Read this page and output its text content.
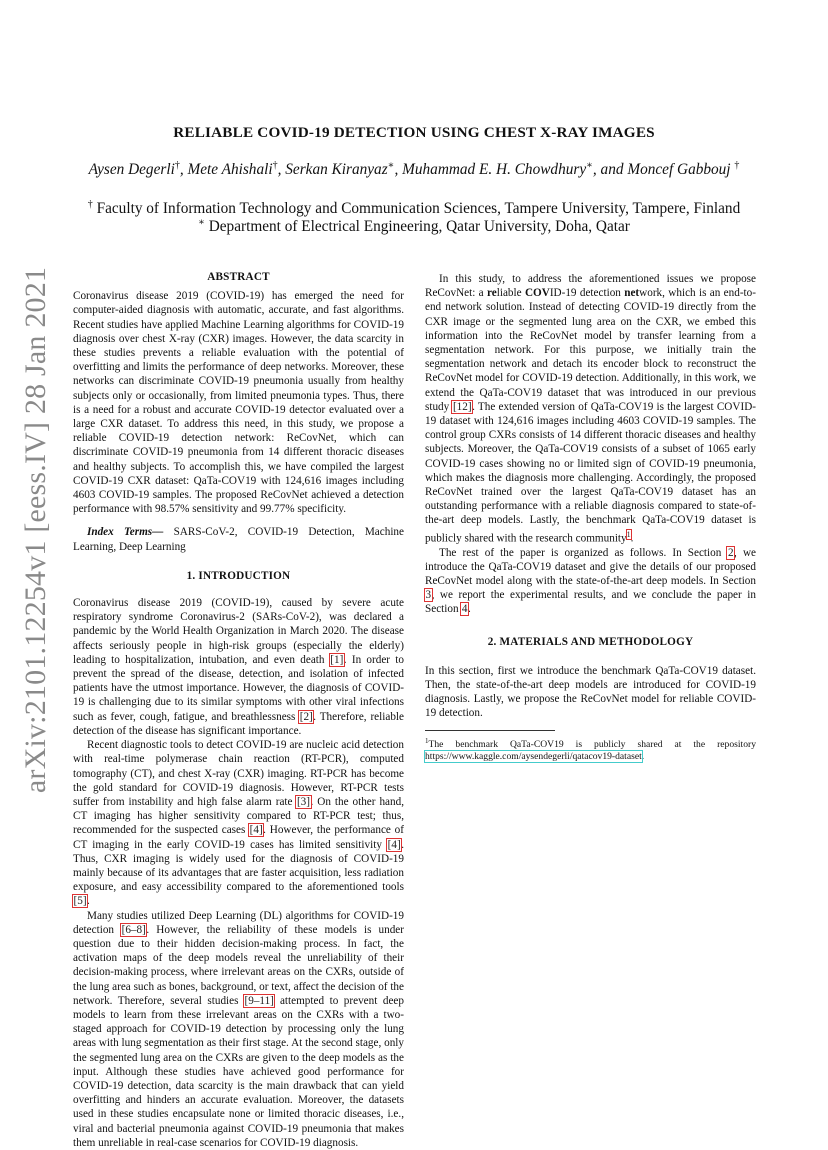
arXiv:2101.12254v1 [eess.IV] 28 Jan 2021
RELIABLE COVID-19 DETECTION USING CHEST X-RAY IMAGES
Aysen Degerli†, Mete Ahishali†, Serkan Kiranyaz∗, Muhammad E. H. Chowdhury∗, and Moncef Gabbouj †
† Faculty of Information Technology and Communication Sciences, Tampere University, Tampere, Finland
∗ Department of Electrical Engineering, Qatar University, Doha, Qatar
ABSTRACT

Coronavirus disease 2019 (COVID-19) has emerged the need for computer-aided diagnosis with automatic, accurate, and fast algorithms. Recent studies have applied Machine Learning algorithms for COVID-19 diagnosis over chest X-ray (CXR) images. However, the data scarcity in these studies prevents a reliable evaluation with the potential of overfitting and limits the performance of deep networks. Moreover, these networks can discriminate COVID-19 pneumonia usually from healthy subjects only or occasionally, from limited pneumonia types. Thus, there is a need for a robust and accurate COVID-19 detector evaluated over a large CXR dataset. To address this need, in this study, we propose a reliable COVID-19 detection network: ReCovNet, which can discriminate COVID-19 pneumonia from 14 different thoracic diseases and healthy subjects. To accomplish this, we have compiled the largest COVID-19 CXR dataset: QaTa-COV19 with 124,616 images including 4603 COVID-19 samples. The proposed ReCovNet achieved a detection performance with 98.57% sensitivity and 99.77% specificity.

Index Terms— SARS-CoV-2, COVID-19 Detection, Machine Learning, Deep Learning

1. INTRODUCTION

Coronavirus disease 2019 (COVID-19), caused by severe acute respiratory syndrome Coronavirus-2 (SARs-CoV-2), was declared a pandemic by the World Health Organization in March 2020. The disease affects seriously people in high-risk groups (especially the elderly) leading to hospitalization, intubation, and even death [1]. In order to prevent the spread of the disease, detection, and isolation of infected patients have the utmost importance. However, the diagnosis of COVID-19 is challenging due to its similar symptoms with other viral infections such as fever, cough, fatigue, and breathlessness [2]. Therefore, reliable detection of the disease has significant importance.

Recent diagnostic tools to detect COVID-19 are nucleic acid detection with real-time polymerase chain reaction (RT-PCR), computed tomography (CT), and chest X-ray (CXR) imaging. RT-PCR has become the gold standard for COVID-19 diagnosis. However, RT-PCR tests suffer from instability and high false alarm rate [3]. On the other hand, CT imaging has higher sensitivity compared to RT-PCR test; thus, recommended for the suspected cases [4]. However, the performance of CT imaging in the early COVID-19 cases has limited sensitivity [4]. Thus, CXR imaging is widely used for the diagnosis of COVID-19 mainly because of its advantages that are faster acquisition, less radiation exposure, and easy accessibility compared to the aforementioned tools [5].

Many studies utilized Deep Learning (DL) algorithms for COVID-19 detection [6–8]. However, the reliability of these models is under question due to their hidden decision-making process. In fact, the activation maps of the deep models reveal the unreliability of their decision-making process, where irrelevant areas on the CXRs, outside of the lung area such as bones, background, or text, affect the decision of the network. Therefore, several studies [9–11] attempted to prevent deep models to learn from these irrelevant areas on the CXRs with a two-staged approach for COVID-19 detection by processing only the lung areas with lung segmentation as their first stage. At the second stage, only the segmented lung area on the CXRs are given to the deep models as the input. Although these studies have achieved good performance for COVID-19 detection, data scarcity is the main drawback that can yield overfitting and hinders an accurate evaluation. Moreover, the datasets used in these studies encapsulate none or limited thoracic diseases, i.e., viral and bacterial pneumonia against COVID-19 pneumonia that makes them unreliable in real-case scenarios for COVID-19 diagnosis.

In this study, to address the aforementioned issues we propose ReCovNet: a reliable COVID-19 detection network, which is an end-to-end network solution. Instead of detecting COVID-19 directly from the CXR image or the segmented lung area on the CXR, we embed this information into the ReCovNet model by transfer learning from a segmentation network. For this purpose, we initially train the segmentation network and detach its encoder block to reconstruct the ReCovNet model for COVID-19 detection. Additionally, in this work, we extend the QaTa-COV19 dataset that was introduced in our previous study [12]. The extended version of QaTa-COV19 is the largest COVID-19 dataset with 124,616 images including 4603 COVID-19 samples. The control group CXRs consists of 14 different thoracic diseases and healthy subjects. Moreover, the QaTa-COV19 consists of a subset of 1065 early COVID-19 cases showing no or limited sign of COVID-19 pneumonia, which makes the diagnosis more challenging. Accordingly, the proposed ReCovNet trained over the largest QaTa-COV19 dataset has an outstanding performance with a reliable diagnosis compared to state-of-the-art deep models. Lastly, the benchmark QaTa-COV19 dataset is publicly shared with the research community$^1$.

The rest of the paper is organized as follows. In Section 2, we introduce the QaTa-COV19 dataset and give the details of our proposed ReCovNet model along with the state-of-the-art deep models. In Section 3, we report the experimental results, and we conclude the paper in Section 4.

2. MATERIALS AND METHODOLOGY

In this section, first we introduce the benchmark QaTa-COV19 dataset. Then, the state-of-the-art deep models are introduced for COVID-19 diagnosis. Lastly, we propose the ReCovNet model for reliable COVID-19 detection.

$^1$The benchmark QaTa-COV19 is publicly shared at the repository https://www.kaggle.com/aysendegerli/qatacov19-dataset.
